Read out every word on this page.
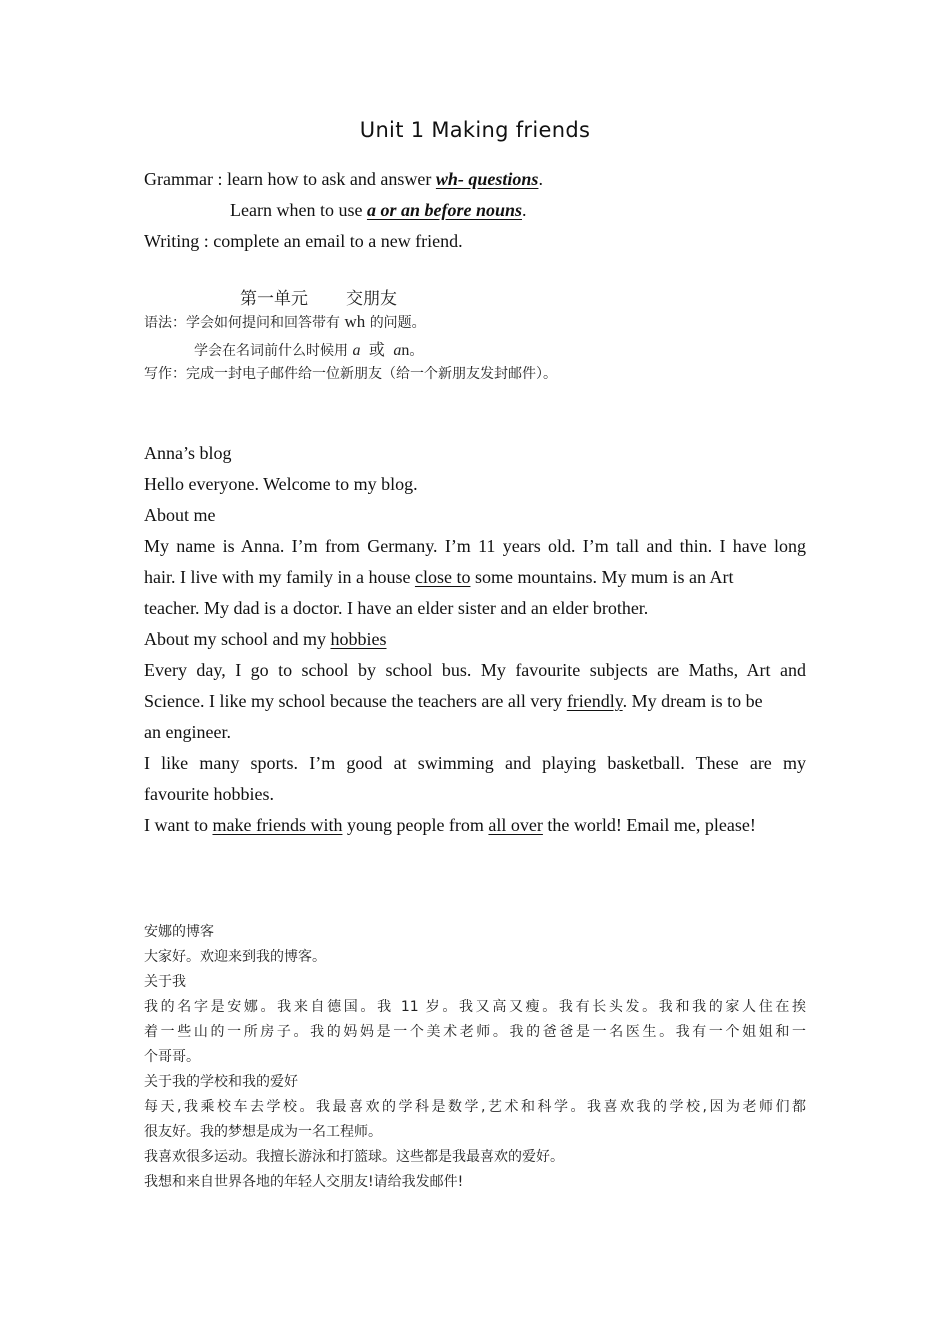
Unit 1 Making friends
Grammar : learn how to ask and answer wh- questions.
Learn when to use a or an before nouns.
Writing : complete an email to a new friend.
第一单元 交朋友
语法：学会如何提问和回答带有 wh 的问题。
学会在名词前什么时候用 a 或 an。
写作：完成一封电子邮件给一位新朋友（给一个新朋友发封邮件）。
Anna’s blog
Hello everyone. Welcome to my blog.
About me
My name is Anna. I’m from Germany. I’m 11 years old. I’m tall and thin. I have long
hair. I live with my family in a house close to some mountains. My mum is an Art
teacher. My dad is a doctor. I have an elder sister and an elder brother.
About my school and my hobbies
Every day, I go to school by school bus. My favourite subjects are Maths, Art and
Science. I like my school because the teachers are all very friendly. My dream is to be
an engineer.
I like many sports. I’m good at swimming and playing basketball. These are my
favourite hobbies.
I want to make friends with young people from all over the world! Email me, please!
安娜的博客
大家好。欢迎来到我的博客。
关于我
我的名字是安娜。我来自德国。我 11 岁。我又高又瘦。我有长头发。我和我的家人住在挨
着一些山的一所房子。我的妈妈是一个美术老师。我的爸爸是一名医生。我有一个姐姐和一
个哥哥。
关于我的学校和我的爱好
每天,我乘校车去学校。我最喜欢的学科是数学,艺术和科学。我喜欢我的学校,因为老师们都
很友好。我的梦想是成为一名工程师。
我喜欢很多运动。我擅长游泳和打篮球。这些都是我最喜欢的爱好。
我想和来自世界各地的年轻人交朋友!请给我发邮件!
